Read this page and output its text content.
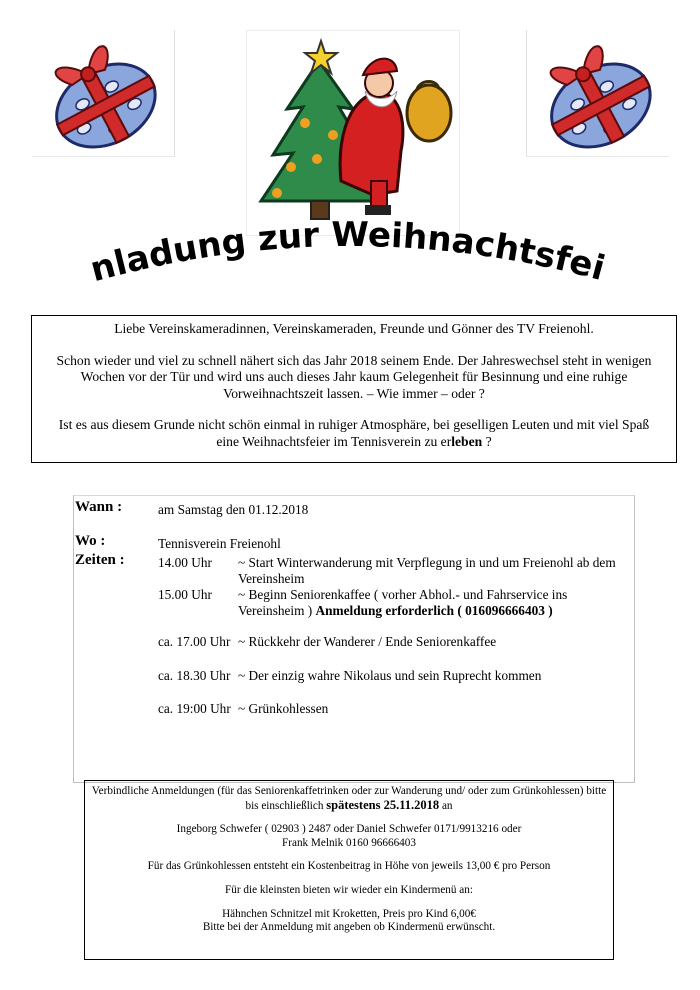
ladung zur Weihnachtsfei

Liebe Vereinskameradinnen, Vereinskameraden, Freunde und Gönner des TV Freienohl.

Schon wieder und viel zu schnell nähert sich das Jahr 2018 seinem Ende. Der Jahreswechsel steht in wenigen Wochen vor der Tür und wird uns auch dieses Jahr kaum Gelegenheit für Besinnung und eine ruhige Vorweihnachtszeit lassen. – Wie immer – oder ?

Ist es aus diesem Grunde nicht schön einmal in ruhiger Atmosphäre, bei geselligen Leuten und mit viel Spaß eine Weihnachtsfeier im Tennisverein zu erleben ?

Wann :	am Samstag den 01.12.2018
Wo :	Tennisverein Freienohl
Zeiten :	14.00 Uhr ~ Start Winterwanderung mit Verpflegung in und um Freienohl ab dem Vereinsheim
15.00 Uhr ~ Beginn Seniorenkaffee ( vorher Abhol.- und Fahrservice ins Vereinsheim ) Anmeldung erforderlich ( 016096666403 )
ca. 17.00 Uhr ~ Rückkehr der Wanderer / Ende Seniorenkaffee
ca. 18.30 Uhr ~ Der einzig wahre Nikolaus und sein Ruprecht kommen
ca. 19:00 Uhr ~ Grünkohlessen

Verbindliche Anmeldungen (für das Seniorenkaffetrinken oder zur Wanderung und/ oder zum Grünkohlessen) bitte bis einschließlich spätestens 25.11.2018 an

Ingeborg Schwefer ( 02903 ) 2487 oder Daniel Schwefer 0171/9913216 oder
Frank Melnik 0160 96666403

Für das Grünkohlessen entsteht ein Kostenbeitrag in Höhe von jeweils 13,00 € pro Person

Für die kleinsten bieten wir wieder ein Kindermenü an:

Hähnchen Schnitzel mit Kroketten, Preis pro Kind 6,00€
Bitte bei der Anmeldung mit angeben ob Kindermenü erwünscht.
